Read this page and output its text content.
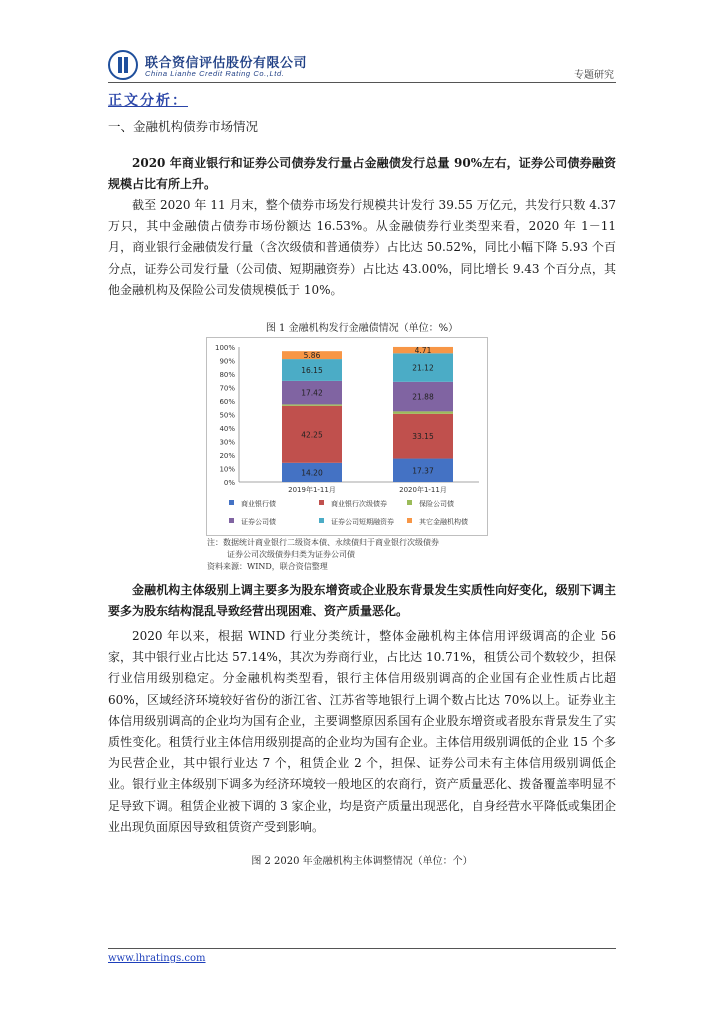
联合资信评估股份有限公司
China Lianhe Credit Rating Co.,Ltd.	专题研究
正文分析：
一、金融机构债券市场情况
2020 年商业银行和证券公司债券发行量占金融债发行总量 90%左右，证券公司债券融资规模占比有所上升。
截至 2020 年 11 月末，整个债券市场发行规模共计发行 39.55 万亿元，共发行只数 4.37 万只，其中金融债占债券市场份额达 16.53%。从金融债券行业类型来看，2020 年 1－11 月，商业银行金融债发行量（含次级债和普通债券）占比达 50.52%，同比小幅下降 5.93 个百分点，证券公司发行量（公司债、短期融资券）占比达 43.00%，同比增长 9.43 个百分点，其他金融机构及保险公司发债规模低于 10%。
图 1 金融机构发行金融债情况（单位：%）
0%
10%
20%
30%
40%
50%
60%
70%
80%
90%
100%
14.20
42.25
17.42
16.15
5.86
2019年1-11月
17.37
33.15
21.88
21.12
4.71
2020年1-11月
商业银行债	商业银行次级债券	保险公司债
证券公司债	证券公司短期融资券	其它金融机构债
注：数据统计商业银行二级资本债、永续债归于商业银行次级债券
证券公司次级债券归类为证券公司债
资料来源：WIND，联合资信整理
金融机构主体级别上调主要多为股东增资或企业股东背景发生实质性向好变化，级别下调主要多为股东结构混乱导致经营出现困难、资产质量恶化。
2020 年以来，根据 WIND 行业分类统计，整体金融机构主体信用评级调高的企业 56 家，其中银行业占比达 57.14%，其次为券商行业，占比达 10.71%，租赁公司个数较少，担保行业信用级别稳定。分金融机构类型看，银行主体信用级别调高的企业国有企业性质占比超 60%，区域经济环境较好省份的浙江省、江苏省等地银行上调个数占比达 70%以上。证券业主体信用级别调高的企业均为国有企业，主要调整原因系国有企业股东增资或者股东背景发生了实质性变化。租赁行业主体信用级别提高的企业均为国有企业。主体信用级别调低的企业 15 个多为民营企业，其中银行业达 7 个，租赁企业 2 个，担保、证券公司未有主体信用级别调低企业。银行业主体级别下调多为经济环境较一般地区的农商行，资产质量恶化、拨备覆盖率明显不足导致下调。租赁企业被下调的 3 家企业，均是资产质量出现恶化，自身经营水平降低或集团企业出现负面原因导致租赁资产受到影响。
图 2 2020 年金融机构主体调整情况（单位：个）
www.lhratings.com
